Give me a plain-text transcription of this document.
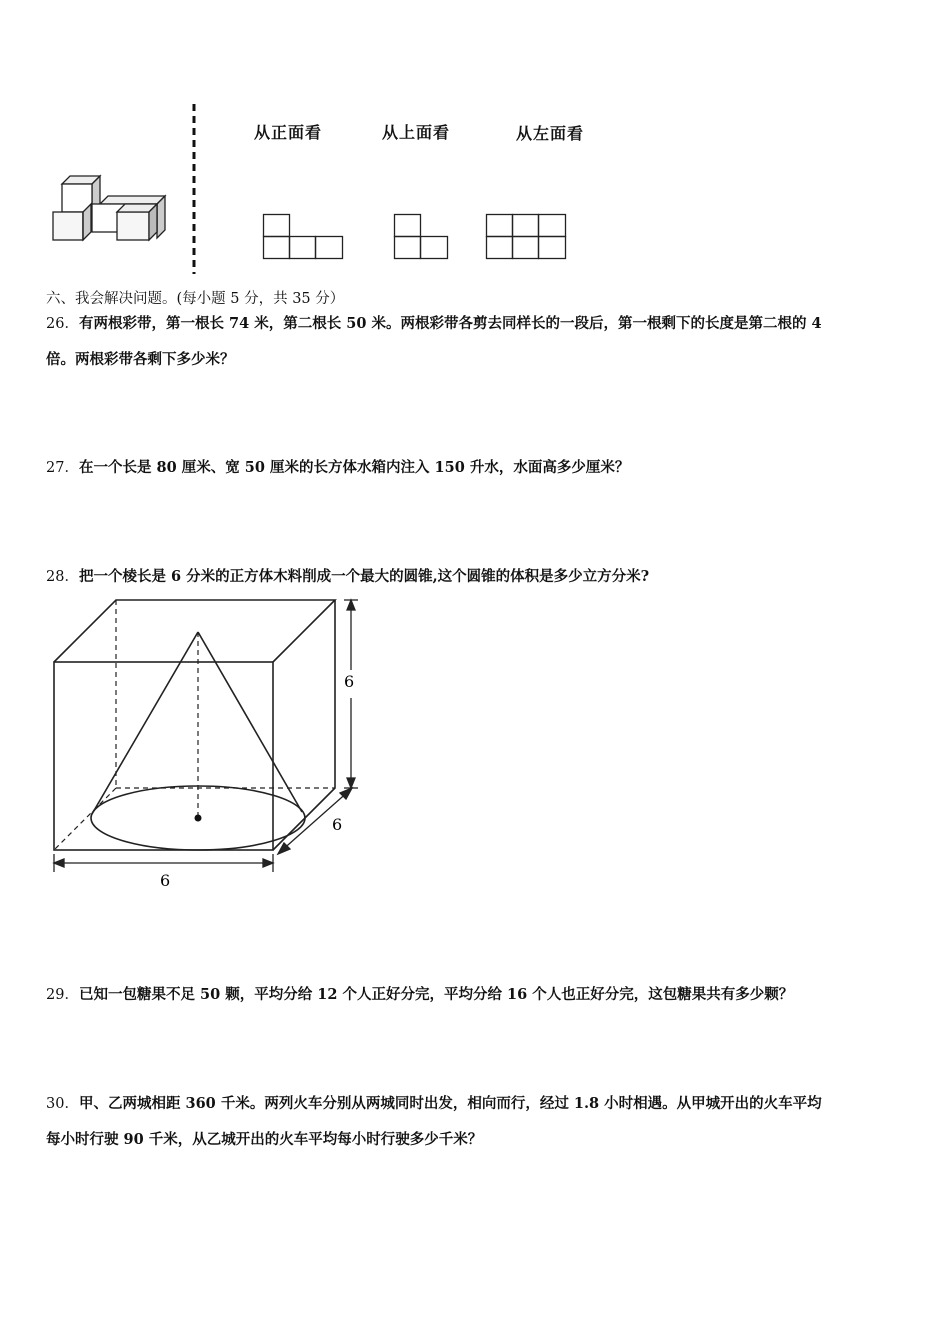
从正面看	从上面看	从左面看
六、我会解决问题。(每小题 5 分，共 35 分）
26．有两根彩带，第一根长 74 米，第二根长 50 米。两根彩带各剪去同样长的一段后，第一根剩下的长度是第二根的 4
倍。两根彩带各剩下多少米？
27．在一个长是 80 厘米、宽 50 厘米的长方体水箱内注入 150 升水，水面高多少厘米？
28．把一个棱长是 6 分米的正方体木料削成一个最大的圆锥,这个圆锥的体积是多少立方分米?
6
6
6
29．已知一包糖果不足 50 颗，平均分给 12 个人正好分完，平均分给 16 个人也正好分完，这包糖果共有多少颗？
30．甲、乙两城相距 360 千米。两列火车分别从两城同时出发，相向而行，经过 1.8 小时相遇。从甲城开出的火车平均
每小时行驶 90 千米，从乙城开出的火车平均每小时行驶多少千米？
